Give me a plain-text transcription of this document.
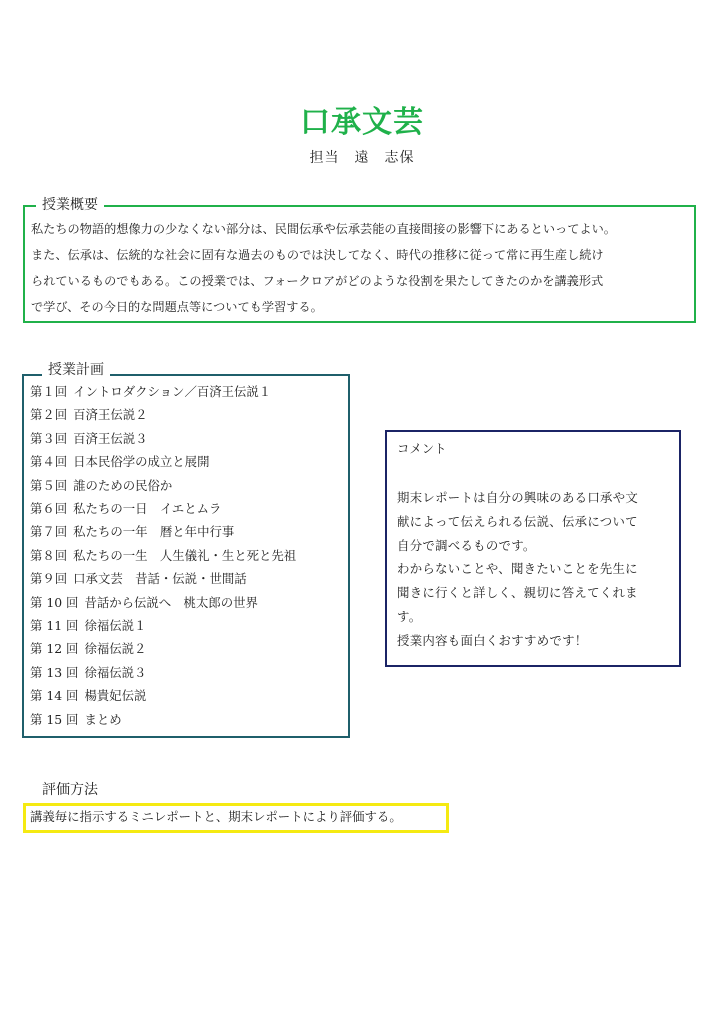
口承文芸
担当　遠　志保
授業概要
私たちの物語的想像力の少なくない部分は、民間伝承や伝承芸能の直接間接の影響下にあるといってよい。
また、伝承は、伝統的な社会に固有な過去のものでは決してなく、時代の推移に従って常に再生産し続け
られているものでもある。この授業では、フォークロアがどのような役割を果たしてきたのかを講義形式
で学び、その今日的な問題点等についても学習する。
授業計画
第１回 イントロダクション／百済王伝説１
第２回 百済王伝説２
第３回 百済王伝説３
第４回 日本民俗学の成立と展開
第５回 誰のための民俗か
第６回 私たちの一日　イエとムラ
第７回 私たちの一年　暦と年中行事
第８回 私たちの一生　人生儀礼・生と死と先祖
第９回 口承文芸　昔話・伝説・世間話
第 10 回 昔話から伝説へ　桃太郎の世界
第 11 回 徐福伝説１
第 12 回 徐福伝説２
第 13 回 徐福伝説３
第 14 回 楊貴妃伝説
第 15 回 まとめ
コメント
期末レポートは自分の興味のある口承や文
献によって伝えられる伝説、伝承について
自分で調べるものです。
わからないことや、聞きたいことを先生に
聞きに行くと詳しく、親切に答えてくれま
す。
授業内容も面白くおすすめです！
評価方法
講義毎に指示するミニレポートと、期末レポートにより評価する。
